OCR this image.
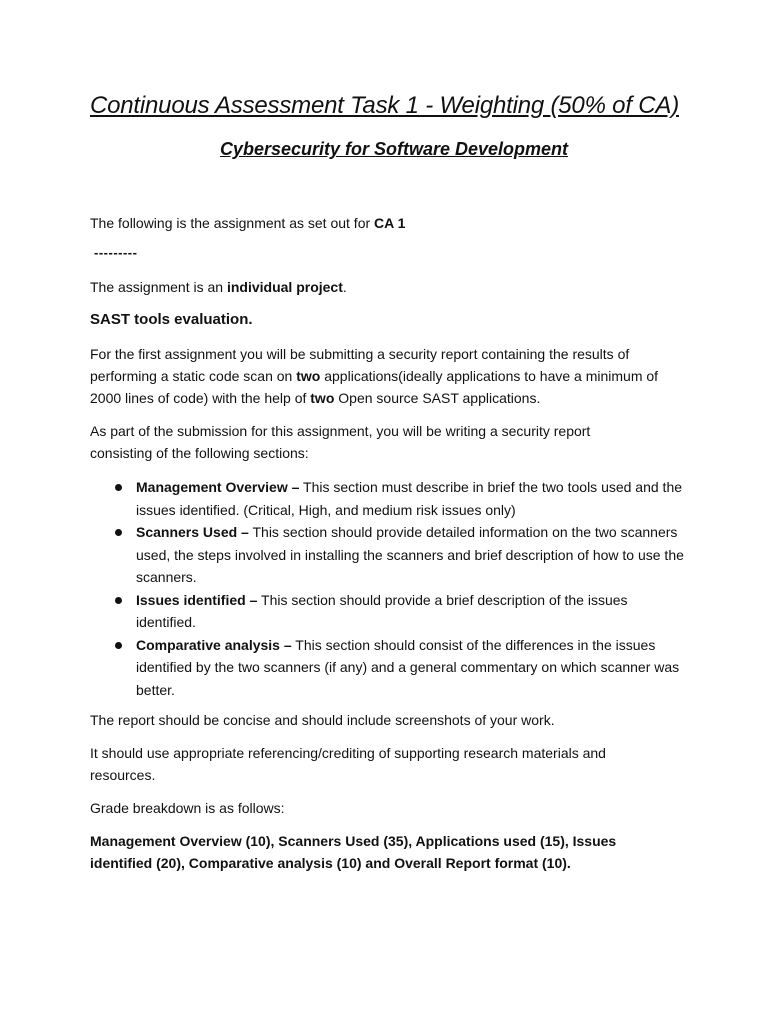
Continuous Assessment Task 1 - Weighting (50% of CA)
Cybersecurity for Software Development

The following is the assignment as set out for CA 1

---------

The assignment is an individual project.

SAST tools evaluation.

For the first assignment you will be submitting a security report containing the results of performing a static code scan on two applications(ideally applications to have a minimum of 2000 lines of code) with the help of two Open source SAST applications.

As part of the submission for this assignment, you will be writing a security report consisting of the following sections:

Management Overview – This section must describe in brief the two tools used and the issues identified. (Critical, High, and medium risk issues only)
Scanners Used – This section should provide detailed information on the two scanners used, the steps involved in installing the scanners and brief description of how to use the scanners.
Issues identified – This section should provide a brief description of the issues identified.
Comparative analysis – This section should consist of the differences in the issues identified by the two scanners (if any) and a general commentary on which scanner was better.

The report should be concise and should include screenshots of your work.

It should use appropriate referencing/crediting of supporting research materials and resources.

Grade breakdown is as follows:

Management Overview (10), Scanners Used (35), Applications used (15), Issues identified (20), Comparative analysis (10) and Overall Report format (10).
